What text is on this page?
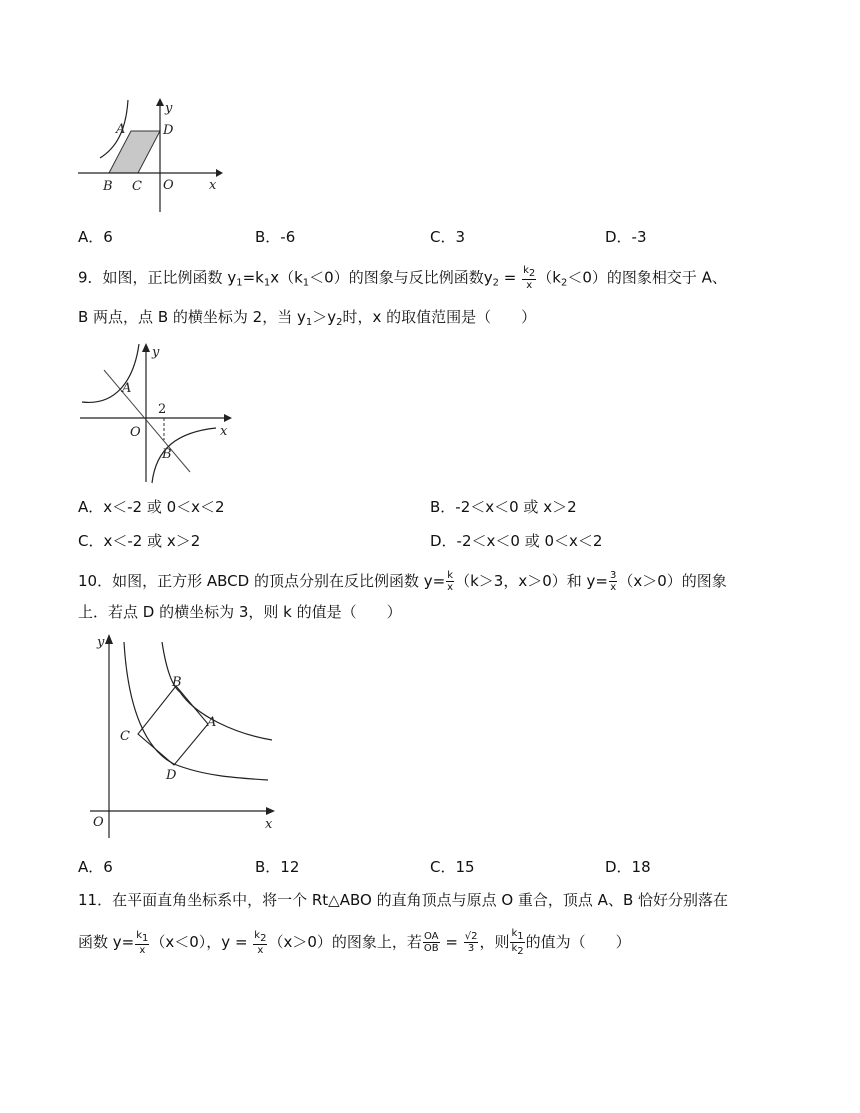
y
A	D
B C O	x
A．6	B．-6	C．3	D．-3
9．如图，正比例函数 $y_1=k_1x(k_1<0)$的图象与反比例函数$y_2 = \frac{k_2}{x} (k_2<0)$的图象相交于 A、
B 两点，点 B 的横坐标为 2，当 $y_1>y_2$时，x 的取值范围是（　　）
y
A
2
O	x
B
A．x＜-2 或 0＜x＜2	B．-2＜x＜0 或 x＞2
C．x＜-2 或 x＞2	D．-2＜x＜0 或 0＜x＜2
10．如图，正方形 ABCD 的顶点分别在反比例函数 $y= \frac{k}{x} (k>3$，x＞0）和 $y= \frac{3}{x} (x>0)$的图象
上．若点 D 的横坐标为 3，则 k 的值是（　　）
y
B
A
C
D
O	x
A．6	B．12	C．15	D．18
11．在平面直角坐标系中，将一个 Rt△ABO 的直角顶点与原点 O 重合，顶点 A、B 恰好分别落在
函数 $y= \frac{k_1}{x} (x<0)$，$y = \frac{k_2}{x} (x>0)$的图象上，若 $\frac{OA}{OB} = \frac{√2}{3}$ ，则 $\frac{k_1}{k_2}$ 的值为（　　）
